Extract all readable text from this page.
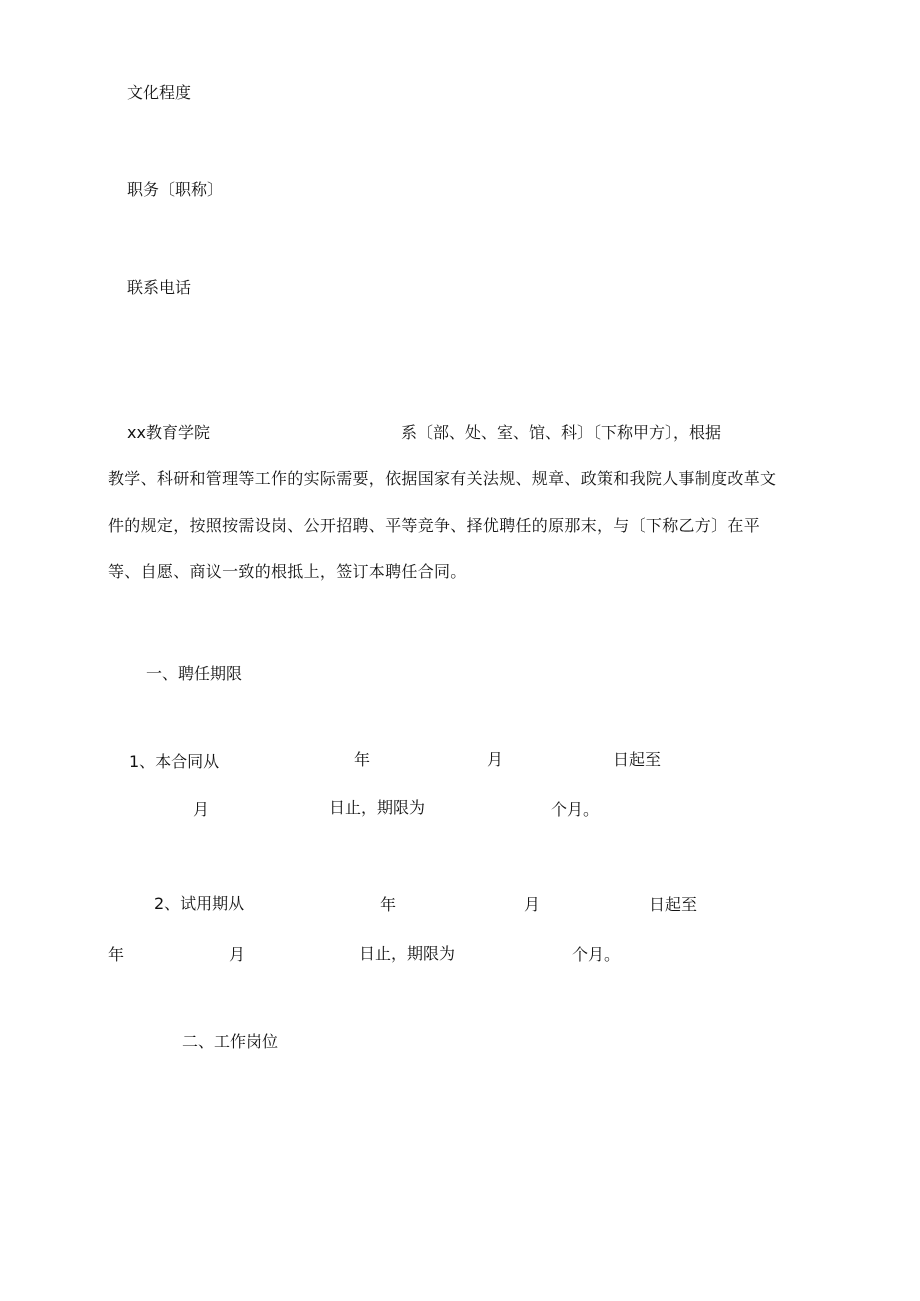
文化程度
职务〔职称〕
联系电话
xx教育学院	系〔部、处、室、馆、科〕〔下称甲方〕，根据
教学、科研和管理等工作的实际需要，依据国家有关法规、规章、政策和我院人事制度改革文
件的规定，按照按需设岗、公开招聘、平等竞争、择优聘任的原那末，与〔下称乙方〕在平
等、自愿、商议一致的根抵上，签订本聘任合同。
一、聘任期限
1、本合同从	年	月	日起至
月	日止，期限为	个月。
2、试用期从	年	月	日起至
年	月	日止，期限为	个月。
二、工作岗位
